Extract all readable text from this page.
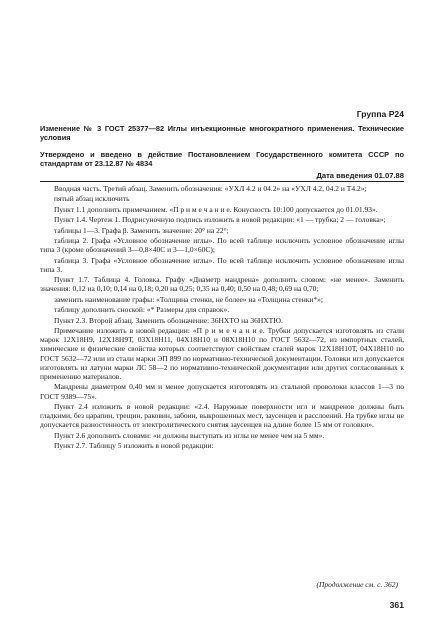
Группа Р24
Изменение № 3 ГОСТ 25377—82 Иглы инъекционные многократного применения. Технические условия
Утверждено и введено в действие Постановлением Государственного комитета СССР по стандартам от 23.12.87 № 4834
Дата введения 01.07.88

Вводная часть. Третий абзац. Заменить обозначения: «УХЛ 4.2 и 04.2» на «УХЛ 4.2, 04.2 и Т4.2»;

пятый абзац исключить

Пункт 1.1 дополнить примечанием. «П р и м е ч а н и е. Конусность 10:100 допускается до 01.01.93».

Пункт 1.4. Чертеж 1. Подрисуночную подпись изложить в новой редакции: «1 — трубка; 2 — головка»;

таблицы 1—3. Графа β. Заменить значение: 20° на 22°;

таблица 2. Графа «Условное обозначение иглы». По всей таблице исключить условное обозначение иглы типа 3 (кроме обозначений 3—0,8×40С и 3—1,0×60С);

таблица 3. Графа «Условное обозначение иглы». По всей таблице исключить условное обозначение иглы типа 3.

Пункт 1.7. Таблица 4. Головка. Графу «Диаметр мандрена» дополнить словом: «не менее». Заменить значения: 0,12 на 0,10; 0,14 на 0,18; 0,20 на 0,25; 0,35 на 0,40; 0,50 на 0,48; 0,69 на 0,70;

заменить наименование графы: «Толщина стенки, не более» на «Толщина стенки*»;

таблицу дополнить сноской: «* Размеры для справок».

Пункт 2.3. Второй абзац. Заменить обозначение: 36НХТО на 36НХТЮ.

Примечание изложить в новой редакции: «П р и м е ч а н и е. Трубки допускается изготовлять из стали марок 12Х18Н9, 12Х18Н9Т, 03Х18Н11, 04Х18Н10 и 08Х18Н10 по ГОСТ 5632—72, из импортных сталей, химические и физические свойства которых соответствуют свойствам сталей марок 12Х18Н10Т, 04Х18Н10 по ГОСТ 5632—72 или из стали марки ЭП 899 по нормативно-технической документации. Головки игл допускается изготовлять из латуни марки ЛС 58—2 по нормативно-технической документации или других согласованных к применению материалов.

Мандрены диаметром 0,40 мм и менее допускается изготовлять из стальной проволоки классов 1—3 по ГОСТ 9389—75».

Пункт 2.4 изложить в новой редакции: «2.4. Наружные поверхности игл и мандренов должны быть гладкими, без царапин, трещин, раковин, забоин, выкрошенных мест, заусенцев и расслоений. На трубке иглы не допускается разностенность от электролитического снятия заусенцев на длине более 15 мм от головки».

Пункт 2.6 дополнить словами: «и должны выступать из иглы не менее чем на 5 мм».

Пункт 2.7. Таблицу 5 изложить в новой редакции:

(Продолжение см. с. 362)
361
